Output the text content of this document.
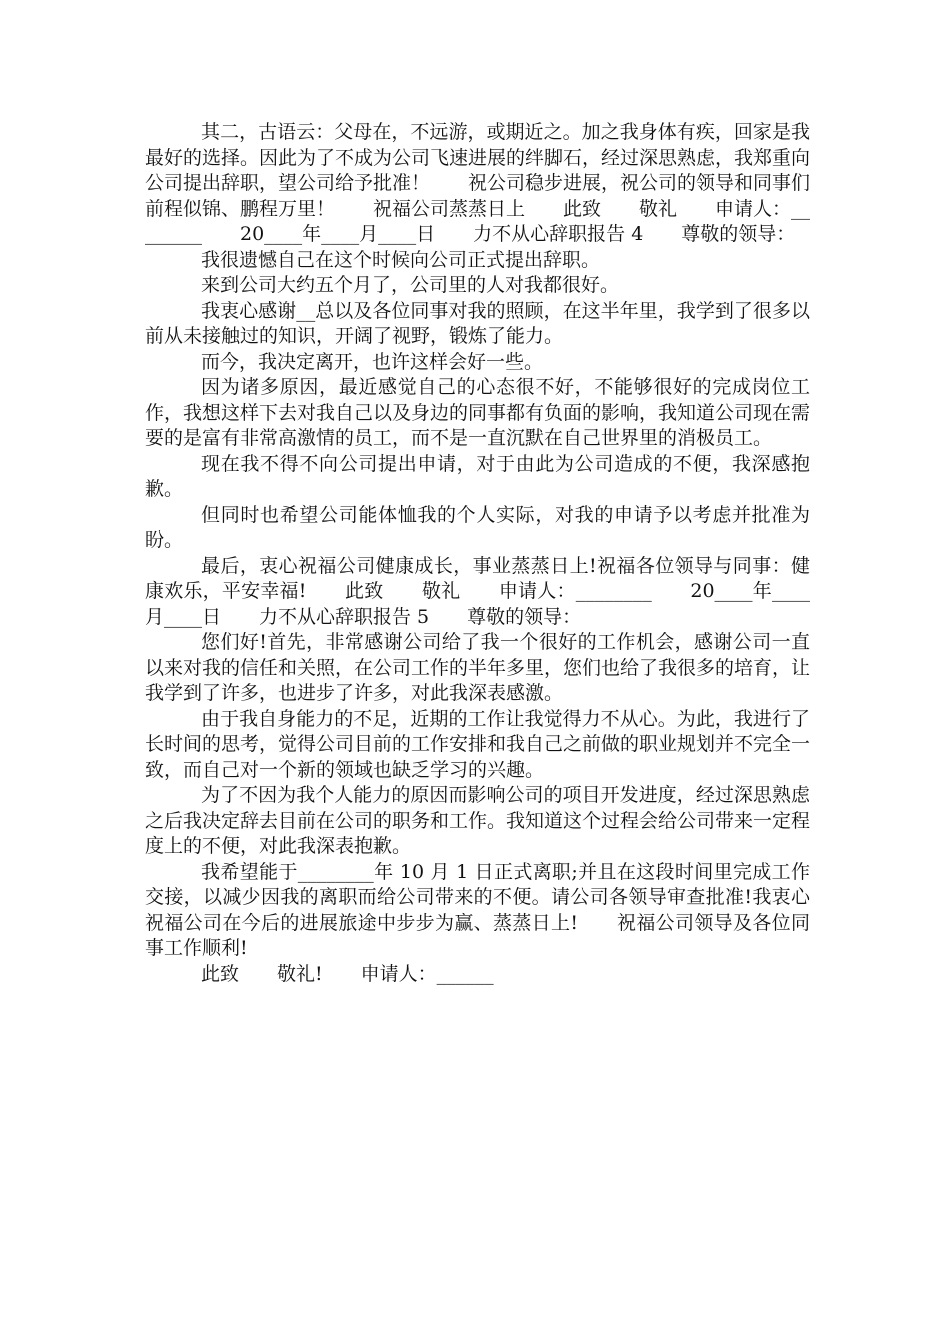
其二，古语云：父母在，不远游，或期近之。加之我身体有疾，回家是我最好的选择。因此为了不成为公司飞速进展的绊脚石，经过深思熟虑，我郑重向公司提出辞职，望公司给予批准！　　祝公司稳步进展，祝公司的领导和同事们前程似锦、鹏程万里！　　祝福公司蒸蒸日上　　此致　　敬礼　　申请人：________　　20____年____月____日　　力不从心辞职报告 4　　尊敬的领导：

我很遗憾自己在这个时候向公司正式提出辞职。

来到公司大约五个月了，公司里的人对我都很好。

我衷心感谢__总以及各位同事对我的照顾，在这半年里，我学到了很多以前从未接触过的知识，开阔了视野，锻炼了能力。

而今，我决定离开，也许这样会好一些。

因为诸多原因，最近感觉自己的心态很不好，不能够很好的完成岗位工作，我想这样下去对我自己以及身边的同事都有负面的影响，我知道公司现在需要的是富有非常高激情的员工，而不是一直沉默在自己世界里的消极员工。

现在我不得不向公司提出申请，对于由此为公司造成的不便，我深感抱歉。

但同时也希望公司能体恤我的个人实际，对我的申请予以考虑并批准为盼。

最后，衷心祝福公司健康成长，事业蒸蒸日上!祝福各位领导与同事：健康欢乐，平安幸福!　　此致　　敬礼　　申请人：________　　20____年____月____日　　力不从心辞职报告 5　　尊敬的领导：

您们好!首先，非常感谢公司给了我一个很好的工作机会，感谢公司一直以来对我的信任和关照，在公司工作的半年多里，您们也给了我很多的培育，让我学到了许多，也进步了许多，对此我深表感激。

由于我自身能力的不足，近期的工作让我觉得力不从心。为此，我进行了长时间的思考，觉得公司目前的工作安排和我自己之前做的职业规划并不完全一致，而自己对一个新的领域也缺乏学习的兴趣。

为了不因为我个人能力的原因而影响公司的项目开发进度，经过深思熟虑之后我决定辞去目前在公司的职务和工作。我知道这个过程会给公司带来一定程度上的不便，对此我深表抱歉。

我希望能于________年 10 月 1 日正式离职;并且在这段时间里完成工作交接，以减少因我的离职而给公司带来的不便。请公司各领导审查批准!我衷心祝福公司在今后的进展旅途中步步为赢、蒸蒸日上!　　祝福公司领导及各位同事工作顺利!

此致　　敬礼!　　申请人：______
